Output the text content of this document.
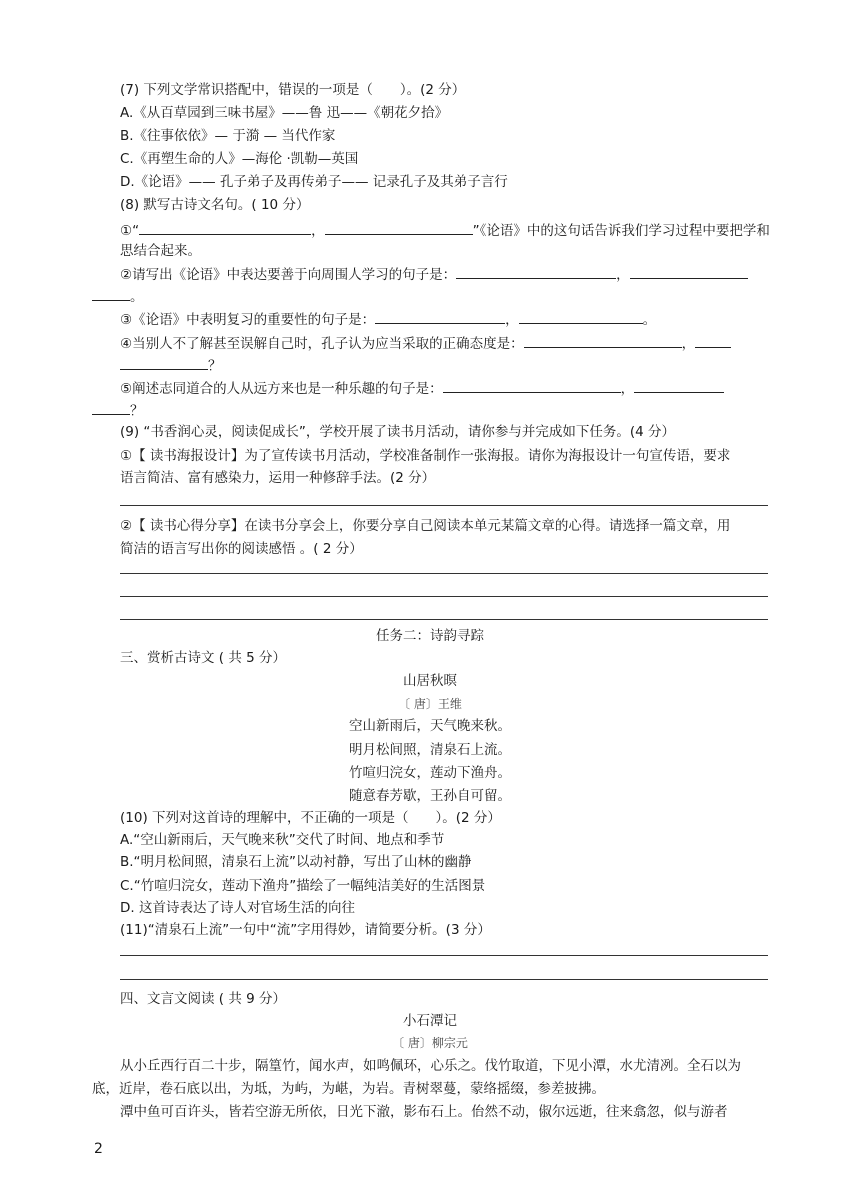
(7) 下列文学常识搭配中，错误的一项是（　　）。(2 分）
A.《从百草园到三味书屋》——鲁 迅——《朝花夕拾》
B.《往事依依》— 于漪 — 当代作家
C.《再塑生命的人》—海伦 ·凯勒—英国
D.《论语》—— 孔子弟子及再传弟子—— 记录孔子及其弟子言行
(8) 默写古诗文名句。( 10 分）
①“	，	”《论语》中的这句话告诉我们学习过程中要把学和
思结合起来。
②请写出《论语》中表达要善于向周围人学习的句子是：	，
。
③《论语》中表明复习的重要性的句子是：	，	。
④当别人不了解甚至误解自己时，孔子认为应当采取的正确态度是：	，
？
⑤阐述志同道合的人从远方来也是一种乐趣的句子是：	，
？
(9) “书香润心灵，阅读促成长”，学校开展了读书月活动，请你参与并完成如下任务。(4 分）
①【 读书海报设计】为了宣传读书月活动，学校准备制作一张海报。请你为海报设计一句宣传语，要求
语言简洁、富有感染力，运用一种修辞手法。(2 分）
②【 读书心得分享】在读书分享会上，你要分享自己阅读本单元某篇文章的心得。请选择一篇文章，用
简洁的语言写出你的阅读感悟 。( 2 分）
任务二：诗韵寻踪
三、赏析古诗文 ( 共 5 分）
山居秋暝
〔 唐〕王维
空山新雨后，天气晚来秋。
明月松间照，清泉石上流。
竹喧归浣女，莲动下渔舟。
随意春芳歇，王孙自可留。
(10) 下列对这首诗的理解中，不正确的一项是（　　）。(2 分）
A.“空山新雨后，天气晚来秋”交代了时间、地点和季节
B.“明月松间照，清泉石上流”以动衬静，写出了山林的幽静
C.“竹喧归浣女，莲动下渔舟”描绘了一幅纯洁美好的生活图景
D. 这首诗表达了诗人对官场生活的向往
(11)“清泉石上流”一句中“流”字用得妙，请简要分析。(3 分）
四、文言文阅读 ( 共 9 分）
小石潭记
〔 唐〕柳宗元
从小丘西行百二十步，隔篁竹，闻水声，如鸣佩环，心乐之。伐竹取道，下见小潭，水尤清冽。全石以为
底，近岸，卷石底以出，为坻，为屿，为嵁，为岩。青树翠蔓，蒙络摇缀，参差披拂。
潭中鱼可百许头，皆若空游无所依，日光下澈，影布石上。佁然不动，俶尔远逝，往来翕忽，似与游者
2
